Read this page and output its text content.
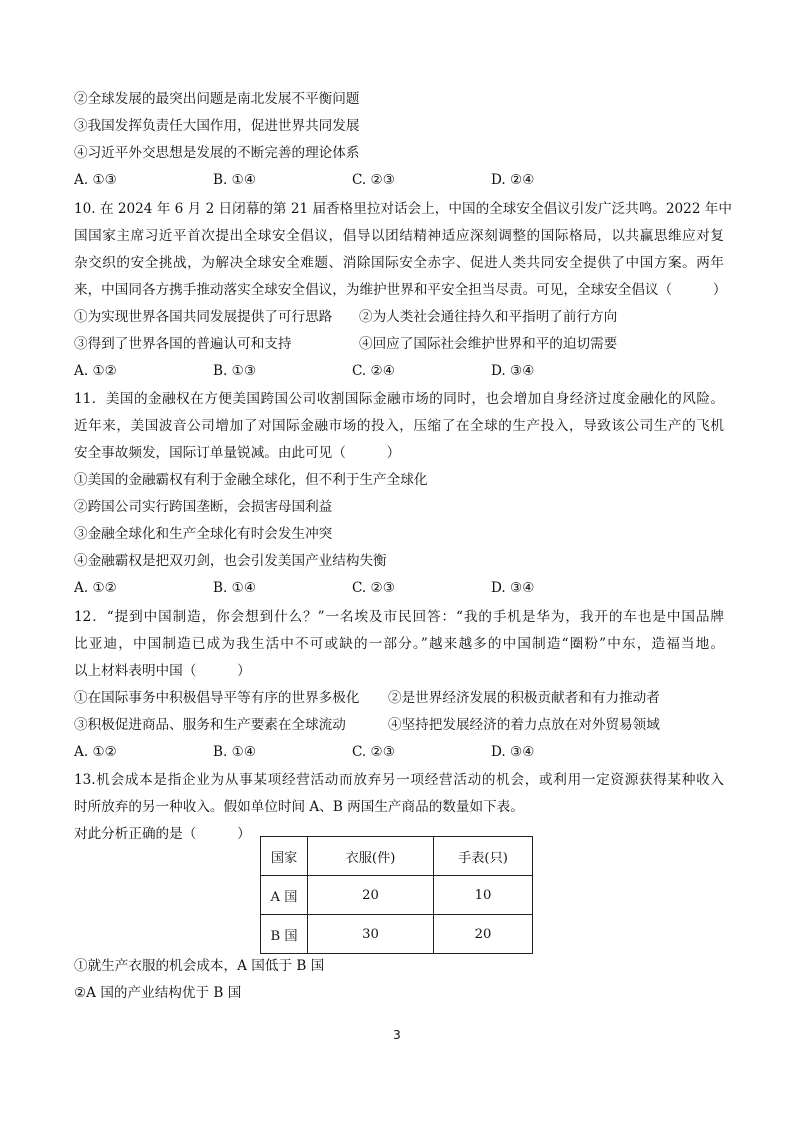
②全球发展的最突出问题是南北发展不平衡问题
③我国发挥负责任大国作用，促进世界共同发展
④习近平外交思想是发展的不断完善的理论体系
A. ①③	B. ①④	C. ②③	D. ②④
10. 在 2024 年 6 月 2 日闭幕的第 21 届香格里拉对话会上，中国的全球安全倡议引发广泛共鸣。2022 年中
国国家主席习近平首次提出全球安全倡议，倡导以团结精神适应深刻调整的国际格局，以共赢思维应对复
杂交织的安全挑战，为解决全球安全难题、消除国际安全赤字、促进人类共同安全提供了中国方案。两年
来，中国同各方携手推动落实全球安全倡议，为维护世界和平安全担当尽责。可见，全球安全倡议（　　　）
①为实现世界各国共同发展提供了可行思路 ②为人类社会通往持久和平指明了前行方向
③得到了世界各国的普遍认可和支持	④回应了国际社会维护世界和平的迫切需要
A. ①②	B. ①③	C. ②④	D. ③④
11．美国的金融权在方便美国跨国公司收割国际金融市场的同时，也会增加自身经济过度金融化的风险。
近年来，美国波音公司增加了对国际金融市场的投入，压缩了在全球的生产投入，导致该公司生产的飞机
安全事故频发，国际订单量锐减。由此可见（　　　）
①美国的金融霸权有利于金融全球化，但不利于生产全球化
②跨国公司实行跨国垄断，会损害母国利益
③金融全球化和生产全球化有时会发生冲突
④金融霸权是把双刃剑，也会引发美国产业结构失衡
A. ①②	B. ①④	C. ②③	D. ③④
12．“提到中国制造，你会想到什么？”一名埃及市民回答：“我的手机是华为，我开的车也是中国品牌
比亚迪，中国制造已成为我生活中不可或缺的一部分。”越来越多的中国制造“圈粉”中东，造福当地。
以上材料表明中国（　　　）
①在国际事务中积极倡导平等有序的世界多极化 ②是世界经济发展的积极贡献者和有力推动者
③积极促进商品、服务和生产要素在全球流动	④坚持把发展经济的着力点放在对外贸易领域
A. ①②	B. ①④	C. ②③	D. ③④
13.机会成本是指企业为从事某项经营活动而放弃另一项经营活动的机会，或利用一定资源获得某种收入
时所放弃的另一种收入。假如单位时间 A、B 两国生产商品的数量如下表。
对此分析正确的是（　　　）
国家	衣服(件)	手表(只)
A 国	20	10
B 国	30	20
①就生产衣服的机会成本，A 国低于 B 国
②A 国的产业结构优于 B 国
3
